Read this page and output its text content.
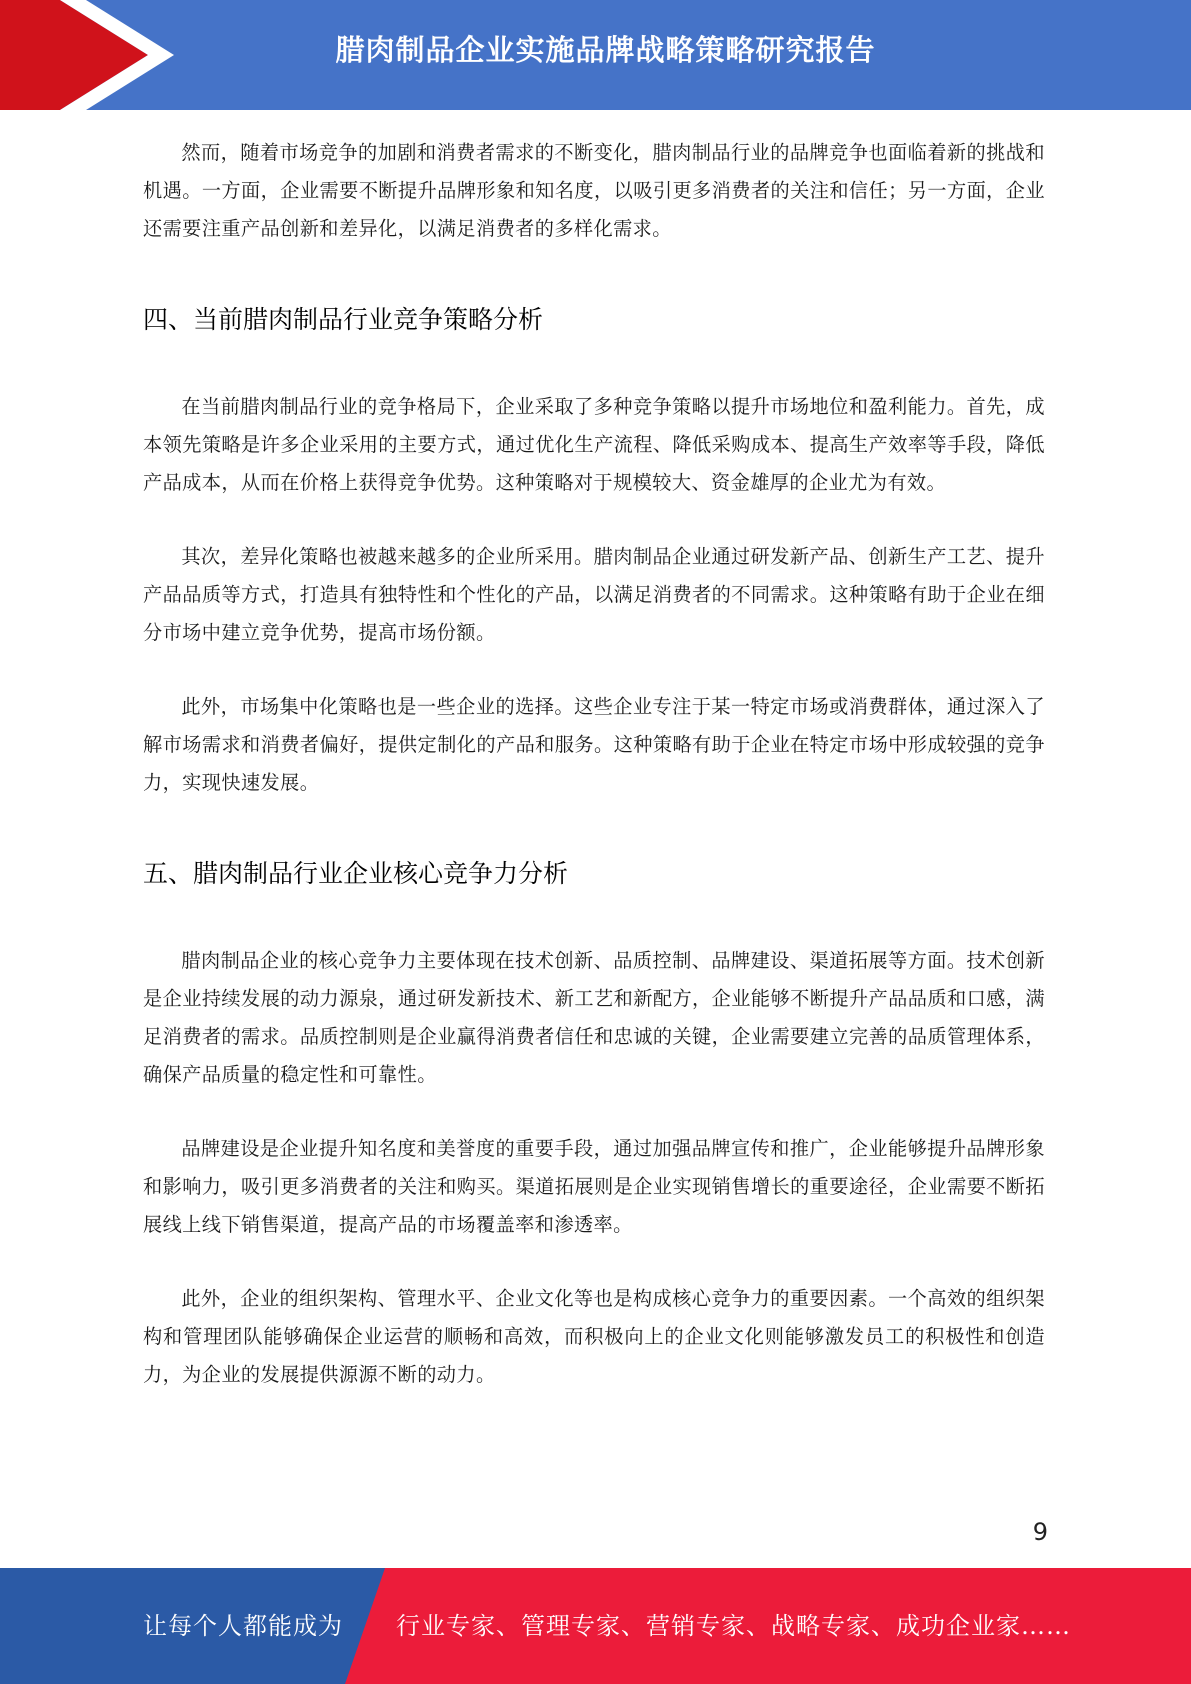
腊肉制品企业实施品牌战略策略研究报告

然而，随着市场竞争的加剧和消费者需求的不断变化，腊肉制品行业的品牌竞争也面临着新的挑战和机遇。一方面，企业需要不断提升品牌形象和知名度，以吸引更多消费者的关注和信任；另一方面，企业还需要注重产品创新和差异化，以满足消费者的多样化需求。

四、当前腊肉制品行业竞争策略分析

在当前腊肉制品行业的竞争格局下，企业采取了多种竞争策略以提升市场地位和盈利能力。首先，成本领先策略是许多企业采用的主要方式，通过优化生产流程、降低采购成本、提高生产效率等手段，降低产品成本，从而在价格上获得竞争优势。这种策略对于规模较大、资金雄厚的企业尤为有效。

其次，差异化策略也被越来越多的企业所采用。腊肉制品企业通过研发新产品、创新生产工艺、提升产品品质等方式，打造具有独特性和个性化的产品，以满足消费者的不同需求。这种策略有助于企业在细分市场中建立竞争优势，提高市场份额。

此外，市场集中化策略也是一些企业的选择。这些企业专注于某一特定市场或消费群体，通过深入了解市场需求和消费者偏好，提供定制化的产品和服务。这种策略有助于企业在特定市场中形成较强的竞争力，实现快速发展。

五、腊肉制品行业企业核心竞争力分析

腊肉制品企业的核心竞争力主要体现在技术创新、品质控制、品牌建设、渠道拓展等方面。技术创新是企业持续发展的动力源泉，通过研发新技术、新工艺和新配方，企业能够不断提升产品品质和口感，满足消费者的需求。品质控制则是企业赢得消费者信任和忠诚的关键，企业需要建立完善的品质管理体系，确保产品质量的稳定性和可靠性。

品牌建设是企业提升知名度和美誉度的重要手段，通过加强品牌宣传和推广，企业能够提升品牌形象和影响力，吸引更多消费者的关注和购买。渠道拓展则是企业实现销售增长的重要途径，企业需要不断拓展线上线下销售渠道，提高产品的市场覆盖率和渗透率。

此外，企业的组织架构、管理水平、企业文化等也是构成核心竞争力的重要因素。一个高效的组织架构和管理团队能够确保企业运营的顺畅和高效，而积极向上的企业文化则能够激发员工的积极性和创造力，为企业的发展提供源源不断的动力。

9
让每个人都能成为 行业专家、管理专家、营销专家、战略专家、成功企业家……
